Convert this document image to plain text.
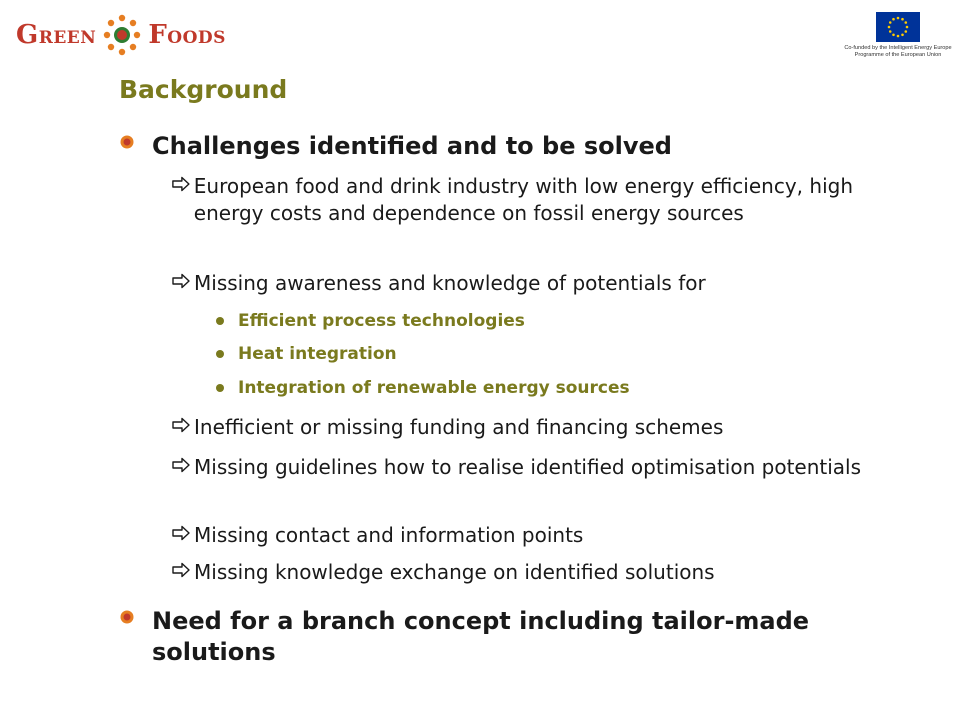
GREEN FOODS	Co-funded by the Intelligent Energy Europe
Programme of the European Union
Background
Challenges identified and to be solved
European food and drink industry with low energy efficiency, high energy costs and dependence on fossil energy sources
Missing awareness and knowledge of potentials for
Efficient process technologies
Heat integration
Integration of renewable energy sources
Inefficient or missing funding and financing schemes
Missing guidelines how to realise identified optimisation potentials
Missing contact and information points
Missing knowledge exchange on identified solutions
Need for a branch concept including tailor-made solutions
